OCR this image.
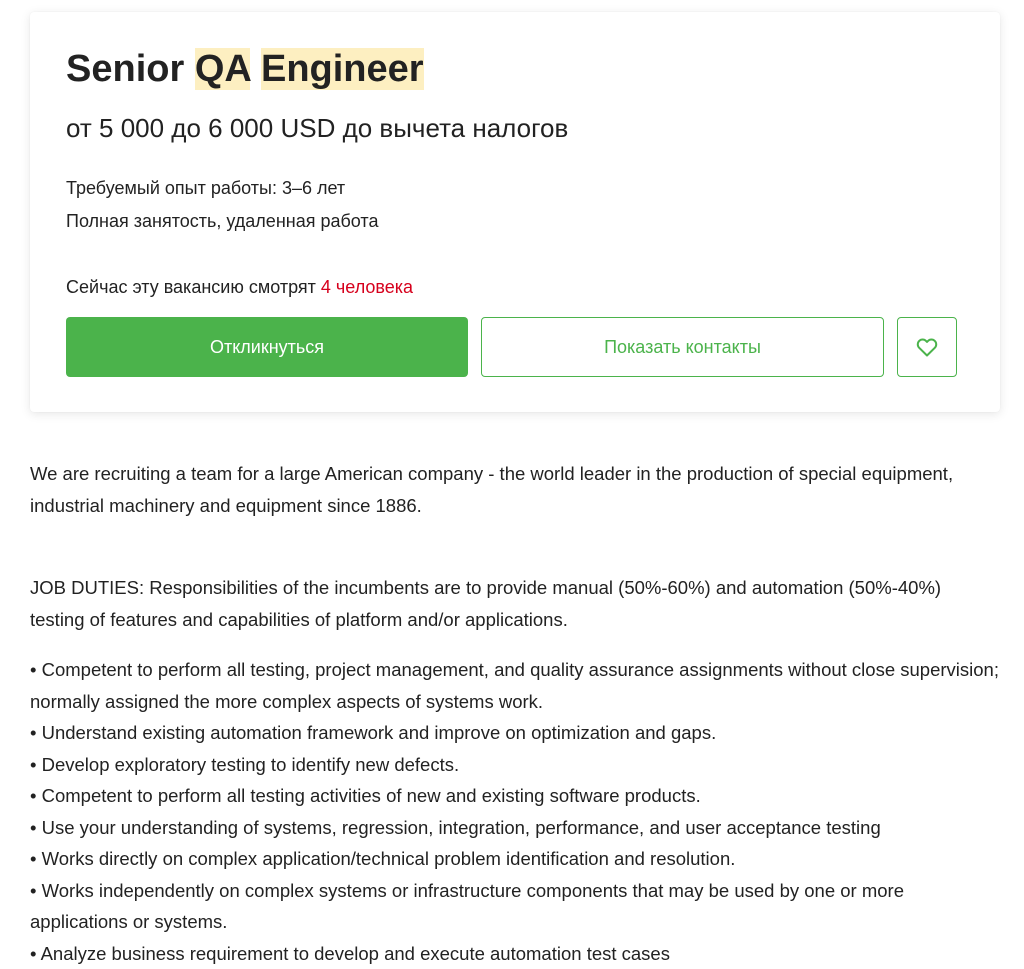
Senior QA Engineer
от 5 000 до 6 000 USD до вычета налогов
Требуемый опыт работы: 3–6 лет
Полная занятость, удаленная работа
Сейчас эту вакансию смотрят 4 человека
Откликнуться	Показать контакты

We are recruiting a team for a large American company - the world leader in the production of special equipment, industrial machinery and equipment since 1886.

JOB DUTIES: Responsibilities of the incumbents are to provide manual (50%-60%) and automation (50%-40%) testing of features and capabilities of platform and/or applications.

• Competent to perform all testing, project management, and quality assurance assignments without close supervision; normally assigned the more complex aspects of systems work.
• Understand existing automation framework and improve on optimization and gaps.
• Develop exploratory testing to identify new defects.
• Competent to perform all testing activities of new and existing software products.
• Use your understanding of systems, regression, integration, performance, and user acceptance testing
• Works directly on complex application/technical problem identification and resolution.
• Works independently on complex systems or infrastructure components that may be used by one or more applications or systems.
• Analyze business requirement to develop and execute automation test cases
